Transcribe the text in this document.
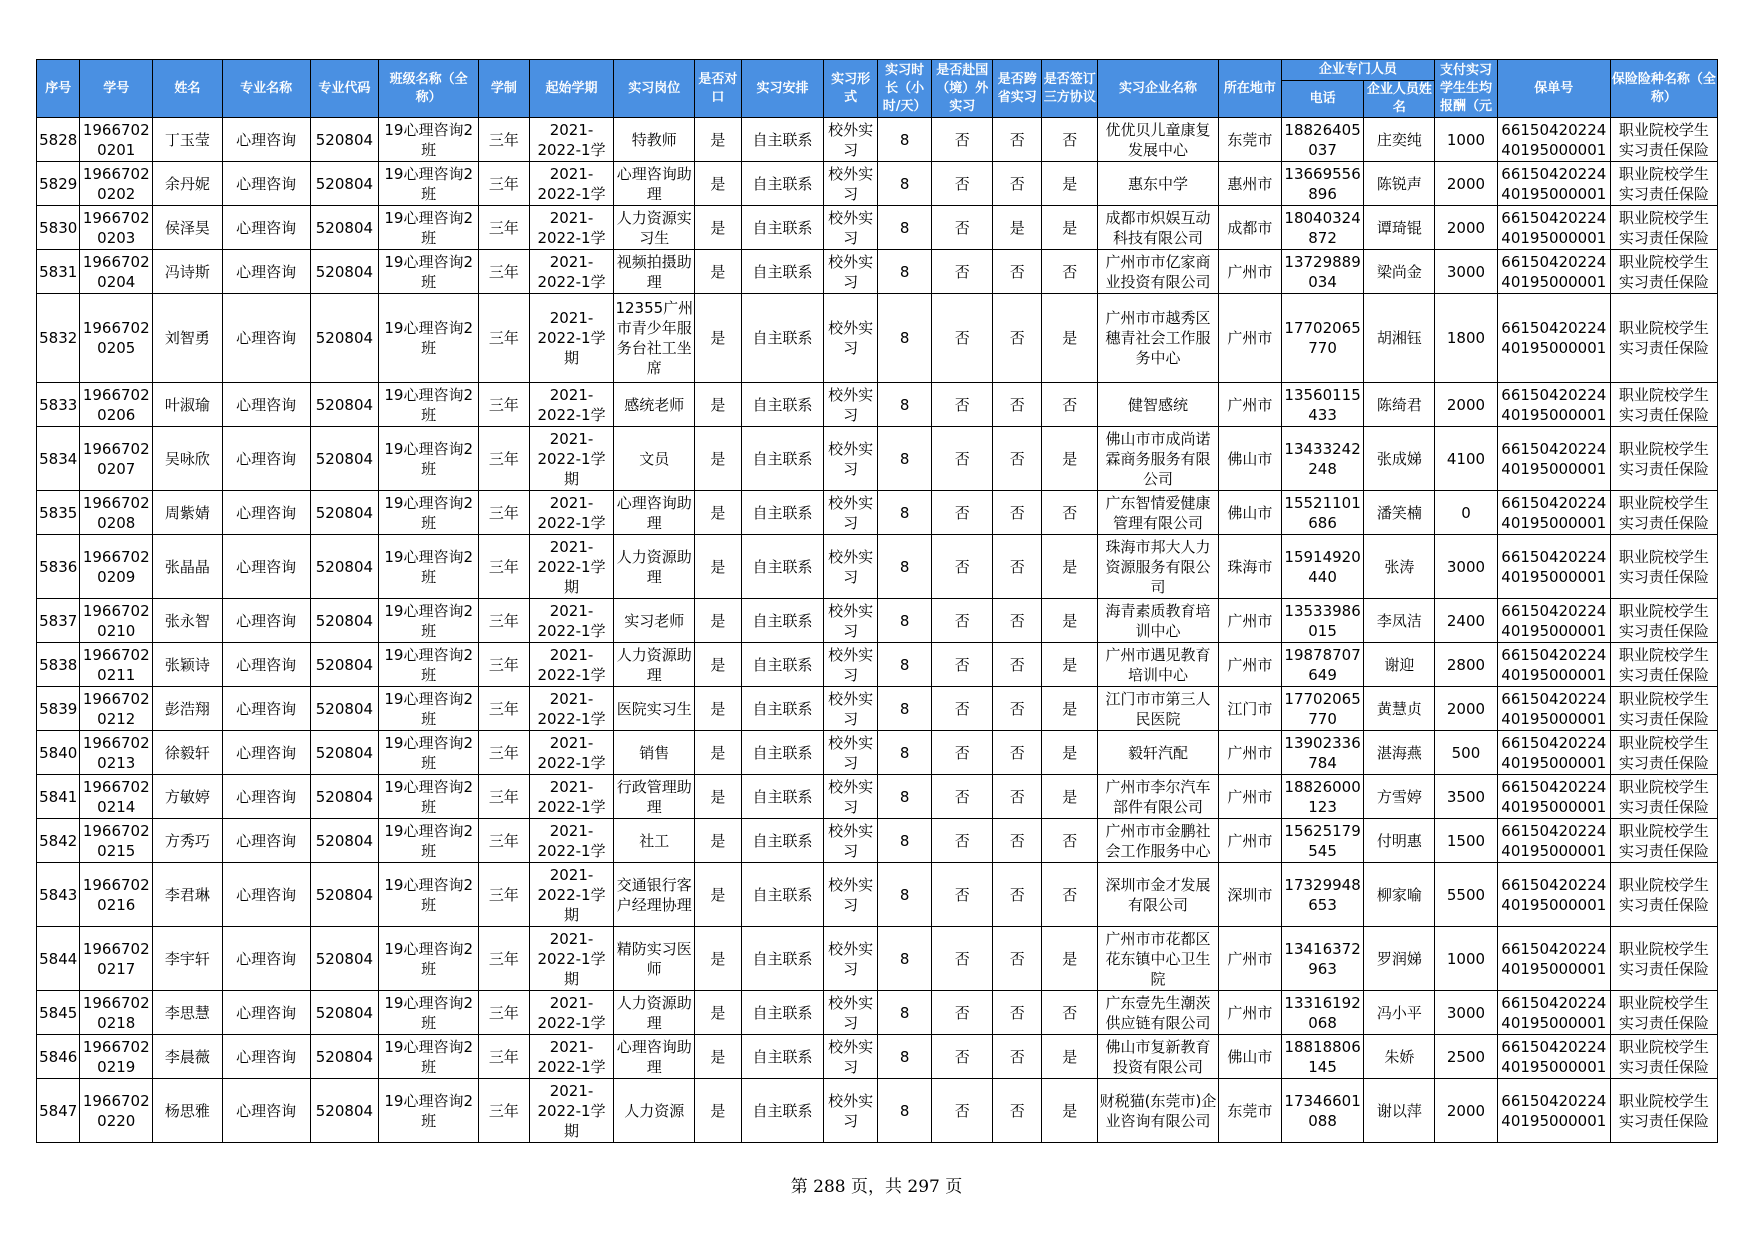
序号	学号	姓名	专业名称	专业代码	班级名称（全称）	学制	起始学期	实习岗位	是否对口	实习安排	实习形式	实习时长（小时/天）	是否赴国（境）外实习	是否跨省实习	是否签订三方协议	实习企业名称	所在地市	企业专门人员		支付实习学生生均报酬（元	保单号	保险险种名称（全称）
																		电话	企业人员姓名			
5828	1966702 0201	丁玉莹	心理咨询	520804	19心理咨询2班	三年	2021-2022-1学	特教师	是	自主联系	校外实习	8	否	否	否	优优贝儿童康复发展中心	东莞市	18826405 037	庄奕纯	1000	66150420224 40195000001	职业院校学生实习责任保险
5829	1966702 0202	余丹妮	心理咨询	520804	19心理咨询2班	三年	2021-2022-1学	心理咨询助理	是	自主联系	校外实习	8	否	否	是	惠东中学	惠州市	13669556 896	陈锐声	2000	66150420224 40195000001	职业院校学生实习责任保险
5830	1966702 0203	侯泽昊	心理咨询	520804	19心理咨询2班	三年	2021-2022-1学	人力资源实习生	是	自主联系	校外实习	8	否	是	是	成都市炽娱互动科技有限公司	成都市	18040324 872	谭琦锟	2000	66150420224 40195000001	职业院校学生实习责任保险
5831	1966702 0204	冯诗斯	心理咨询	520804	19心理咨询2班	三年	2021-2022-1学	视频拍摄助理	是	自主联系	校外实习	8	否	否	否	广州市市亿家商业投资有限公司	广州市	13729889 034	梁尚金	3000	66150420224 40195000001	职业院校学生实习责任保险
5832	1966702 0205	刘智勇	心理咨询	520804	19心理咨询2班	三年	2021-2022-1学期	12355广州市青少年服务台社工坐席	是	自主联系	校外实习	8	否	否	是	广州市市越秀区穗青社会工作服务中心	广州市	17702065 770	胡湘钰	1800	66150420224 40195000001	职业院校学生实习责任保险
5833	1966702 0206	叶淑瑜	心理咨询	520804	19心理咨询2班	三年	2021-2022-1学	感统老师	是	自主联系	校外实习	8	否	否	否	健智感统	广州市	13560115 433	陈绮君	2000	66150420224 40195000001	职业院校学生实习责任保险
5834	1966702 0207	吴咏欣	心理咨询	520804	19心理咨询2班	三年	2021-2022-1学期	文员	是	自主联系	校外实习	8	否	否	是	佛山市市成尚诺霖商务服务有限公司	佛山市	13433242 248	张成娣	4100	66150420224 40195000001	职业院校学生实习责任保险
5835	1966702 0208	周紫婧	心理咨询	520804	19心理咨询2班	三年	2021-2022-1学	心理咨询助理	是	自主联系	校外实习	8	否	否	否	广东智情爱健康管理有限公司	佛山市	15521101 686	潘笑楠	0	66150420224 40195000001	职业院校学生实习责任保险
5836	1966702 0209	张晶晶	心理咨询	520804	19心理咨询2班	三年	2021-2022-1学期	人力资源助理	是	自主联系	校外实习	8	否	否	是	珠海市邦大人力资源服务有限公司	珠海市	15914920 440	张涛	3000	66150420224 40195000001	职业院校学生实习责任保险
5837	1966702 0210	张永智	心理咨询	520804	19心理咨询2班	三年	2021-2022-1学	实习老师	是	自主联系	校外实习	8	否	否	是	海青素质教育培训中心	广州市	13533986 015	李凤洁	2400	66150420224 40195000001	职业院校学生实习责任保险
5838	1966702 0211	张颖诗	心理咨询	520804	19心理咨询2班	三年	2021-2022-1学	人力资源助理	是	自主联系	校外实习	8	否	否	是	广州市遇见教育培训中心	广州市	19878707 649	谢迎	2800	66150420224 40195000001	职业院校学生实习责任保险
5839	1966702 0212	彭浩翔	心理咨询	520804	19心理咨询2班	三年	2021-2022-1学	医院实习生	是	自主联系	校外实习	8	否	否	是	江门市市第三人民医院	江门市	17702065 770	黄慧贞	2000	66150420224 40195000001	职业院校学生实习责任保险
5840	1966702 0213	徐毅轩	心理咨询	520804	19心理咨询2班	三年	2021-2022-1学	销售	是	自主联系	校外实习	8	否	否	是	毅轩汽配	广州市	13902336 784	湛海燕	500	66150420224 40195000001	职业院校学生实习责任保险
5841	1966702 0214	方敏婷	心理咨询	520804	19心理咨询2班	三年	2021-2022-1学	行政管理助理	是	自主联系	校外实习	8	否	否	是	广州市李尔汽车部件有限公司	广州市	18826000 123	方雪婷	3500	66150420224 40195000001	职业院校学生实习责任保险
5842	1966702 0215	方秀巧	心理咨询	520804	19心理咨询2班	三年	2021-2022-1学	社工	是	自主联系	校外实习	8	否	否	否	广州市市金鹏社会工作服务中心	广州市	15625179 545	付明惠	1500	66150420224 40195000001	职业院校学生实习责任保险
5843	1966702 0216	李君琳	心理咨询	520804	19心理咨询2班	三年	2021-2022-1学期	交通银行客户经理协理	是	自主联系	校外实习	8	否	否	否	深圳市金才发展有限公司	深圳市	17329948 653	柳家喻	5500	66150420224 40195000001	职业院校学生实习责任保险
5844	1966702 0217	李宇轩	心理咨询	520804	19心理咨询2班	三年	2021-2022-1学期	精防实习医师	是	自主联系	校外实习	8	否	否	是	广州市市花都区花东镇中心卫生院	广州市	13416372 963	罗润娣	1000	66150420224 40195000001	职业院校学生实习责任保险
5845	1966702 0218	李思慧	心理咨询	520804	19心理咨询2班	三年	2021-2022-1学	人力资源助理	是	自主联系	校外实习	8	否	否	否	广东壹先生潮茨供应链有限公司	广州市	13316192 068	冯小平	3000	66150420224 40195000001	职业院校学生实习责任保险
5846	1966702 0219	李晨薇	心理咨询	520804	19心理咨询2班	三年	2021-2022-1学	心理咨询助理	是	自主联系	校外实习	8	否	否	是	佛山市复新教育投资有限公司	佛山市	18818806 145	朱娇	2500	66150420224 40195000001	职业院校学生实习责任保险
5847	1966702 0220	杨思雅	心理咨询	520804	19心理咨询2班	三年	2021-2022-1学期	人力资源	是	自主联系	校外实习	8	否	否	是	财税猫(东莞市)企业咨询有限公司	东莞市	17346601 088	谢以萍	2000	66150420224 40195000001	职业院校学生实习责任保险
第 288 页，共 297 页
